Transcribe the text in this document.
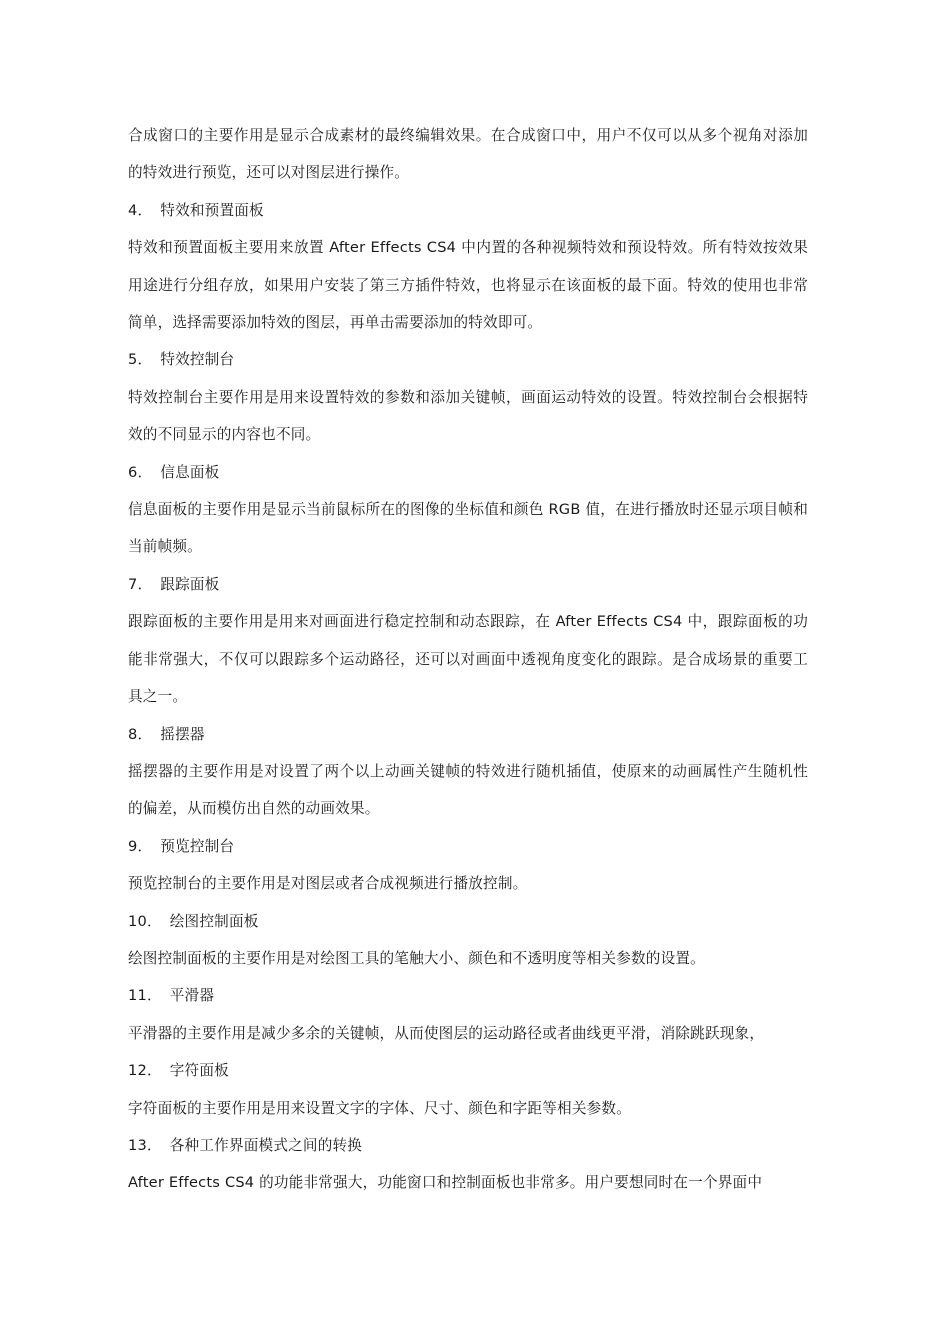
合成窗口的主要作用是显示合成素材的最终编辑效果。在合成窗口中，用户不仅可以从多个视角对添加的特效进行预览，还可以对图层进行操作。

4． 特效和预置面板

特效和预置面板主要用来放置 After Effects CS4 中内置的各种视频特效和预设特效。所有特效按效果用途进行分组存放，如果用户安装了第三方插件特效，也将显示在该面板的最下面。特效的使用也非常简单，选择需要添加特效的图层，再单击需要添加的特效即可。

5． 特效控制台

特效控制台主要作用是用来设置特效的参数和添加关键帧，画面运动特效的设置。特效控制台会根据特效的不同显示的内容也不同。

6． 信息面板

信息面板的主要作用是显示当前鼠标所在的图像的坐标值和颜色 RGB 值，在进行播放时还显示项目帧和当前帧频。

7． 跟踪面板

跟踪面板的主要作用是用来对画面进行稳定控制和动态跟踪，在 After Effects CS4 中，跟踪面板的功能非常强大，不仅可以跟踪多个运动路径，还可以对画面中透视角度变化的跟踪。是合成场景的重要工具之一。

8． 摇摆器

摇摆器的主要作用是对设置了两个以上动画关键帧的特效进行随机插值，使原来的动画属性产生随机性的偏差，从而模仿出自然的动画效果。

9． 预览控制台

预览控制台的主要作用是对图层或者合成视频进行播放控制。

10． 绘图控制面板

绘图控制面板的主要作用是对绘图工具的笔触大小、颜色和不透明度等相关参数的设置。

11． 平滑器

平滑器的主要作用是减少多余的关键帧，从而使图层的运动路径或者曲线更平滑，消除跳跃现象，

12． 字符面板

字符面板的主要作用是用来设置文字的字体、尺寸、颜色和字距等相关参数。

13． 各种工作界面模式之间的转换

After Effects CS4 的功能非常强大，功能窗口和控制面板也非常多。用户要想同时在一个界面中
